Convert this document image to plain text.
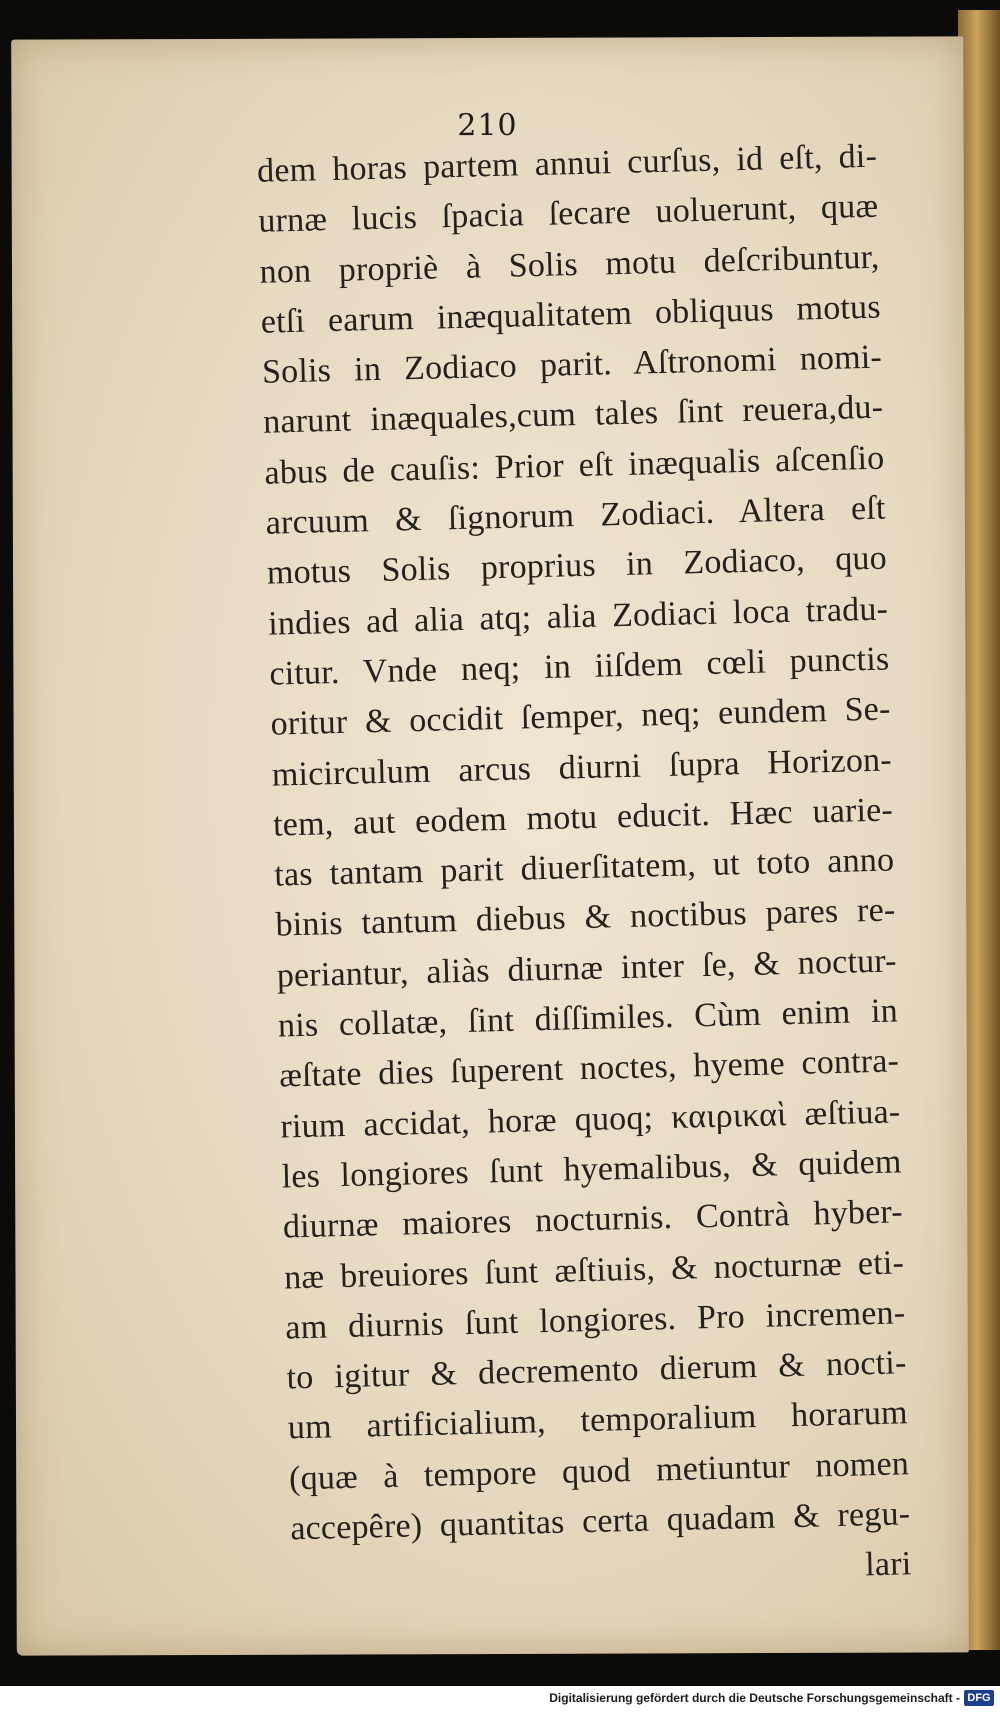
210
dem horas partem annui curſus, id eſt, di-
urnæ lucis ſpacia ſecare uoluerunt, quæ
non propriè à Solis motu deſcribuntur,
etſi earum inæqualitatem obliquus motus
Solis in Zodiaco parit. Aſtronomi nomi-
narunt inæquales,cum tales ſint reuera,du-
abus de cauſis: Prior eſt inæqualis aſcenſio
arcuum & ſignorum Zodiaci. Altera eſt
motus Solis proprius in Zodiaco, quo
indies ad alia atq; alia Zodiaci loca tradu-
citur. Vnde neq; in iiſdem cœli punctis
oritur & occidit ſemper, neq; eundem Se-
micirculum arcus diurni ſupra Horizon-
tem, aut eodem motu educit. Hæc uarie-
tas tantam parit diuerſitatem, ut toto anno
binis tantum diebus & noctibus pares re-
periantur, aliàs diurnæ inter ſe, & noctur-
nis collatæ, ſint diſſimiles. Cùm enim in
æſtate dies ſuperent noctes, hyeme contra-
rium accidat, horæ quoq; καιρικαὶ æſtiua-
les longiores ſunt hyemalibus, & quidem
diurnæ maiores nocturnis. Contrà hyber-
næ breuiores ſunt æſtiuis, & nocturnæ eti-
am diurnis ſunt longiores. Pro incremen-
to igitur & decremento dierum & nocti-
um artificialium, temporalium horarum
(quæ à tempore quod metiuntur nomen
accepêre) quantitas certa quadam & regu-
lari
Digitalisierung gefördert durch die Deutsche Forschungsgemeinschaft - DFG
